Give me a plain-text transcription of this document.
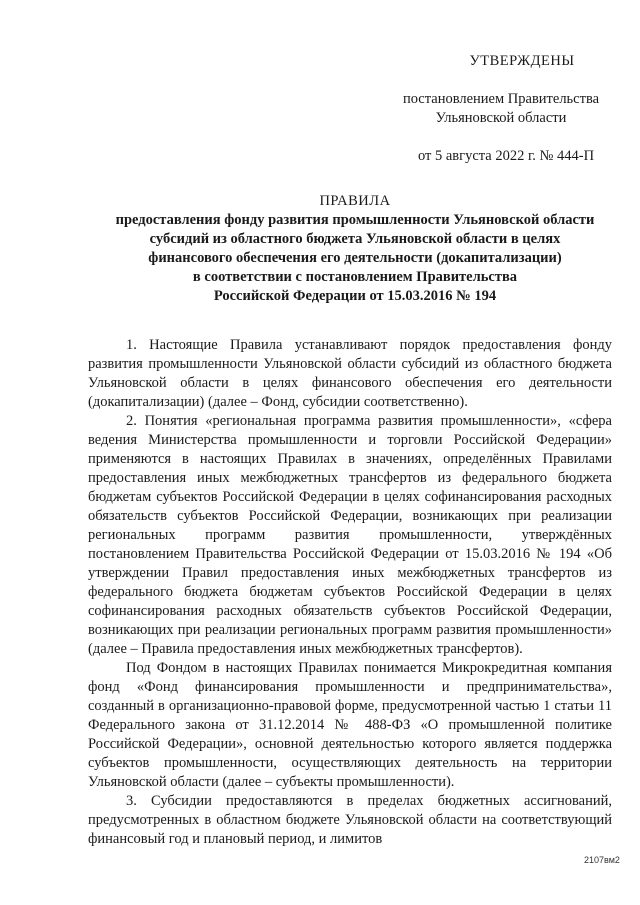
УТВЕРЖДЕНЫ
постановлением Правительства
Ульяновской области
от 5 августа 2022 г. № 444-П
ПРАВИЛА
предоставления фонду развития промышленности Ульяновской области
субсидий из областного бюджета Ульяновской области в целях
финансового обеспечения его деятельности (докапитализации)
в соответствии с постановлением Правительства
Российской Федерации от 15.03.2016 № 194

1. Настоящие Правила устанавливают порядок предоставления фонду развития промышленности Ульяновской области субсидий из областного бюджета Ульяновской области в целях финансового обеспечения его деятельности (докапитализации) (далее – Фонд, субсидии соответственно).

2. Понятия «региональная программа развития промышленности», «сфера ведения Министерства промышленности и торговли Российской Федерации» применяются в настоящих Правилах в значениях, определённых Правилами предоставления иных межбюджетных трансфертов из федерального бюджета бюджетам субъектов Российской Федерации в целях софинансирования расходных обязательств субъектов Российской Федерации, возникающих при реализации региональных программ развития промышленности, утверждённых постановлением Правительства Российской Федерации от 15.03.2016 № 194 «Об утверждении Правил предоставления иных межбюджетных трансфертов из федерального бюджета бюджетам субъектов Российской Федерации в целях софинансирования расходных обязательств субъектов Российской Федерации, возникающих при реализации региональных программ развития промышленности» (далее – Правила предоставления иных межбюджетных трансфертов).

Под Фондом в настоящих Правилах понимается Микрокредитная компания фонд «Фонд финансирования промышленности и предпринимательства», созданный в организационно-правовой форме, предусмотренной частью 1 статьи 11 Федерального закона от 31.12.2014 № 488-ФЗ «О промышленной политике Российской Федерации», основной деятельностью которого является поддержка субъектов промышленности, осуществляющих деятельность на территории Ульяновской области (далее – субъекты промышленности).

3. Субсидии предоставляются в пределах бюджетных ассигнований, предусмотренных в областном бюджете Ульяновской области на соответствующий финансовый год и плановый период, и лимитов

2107вм2
